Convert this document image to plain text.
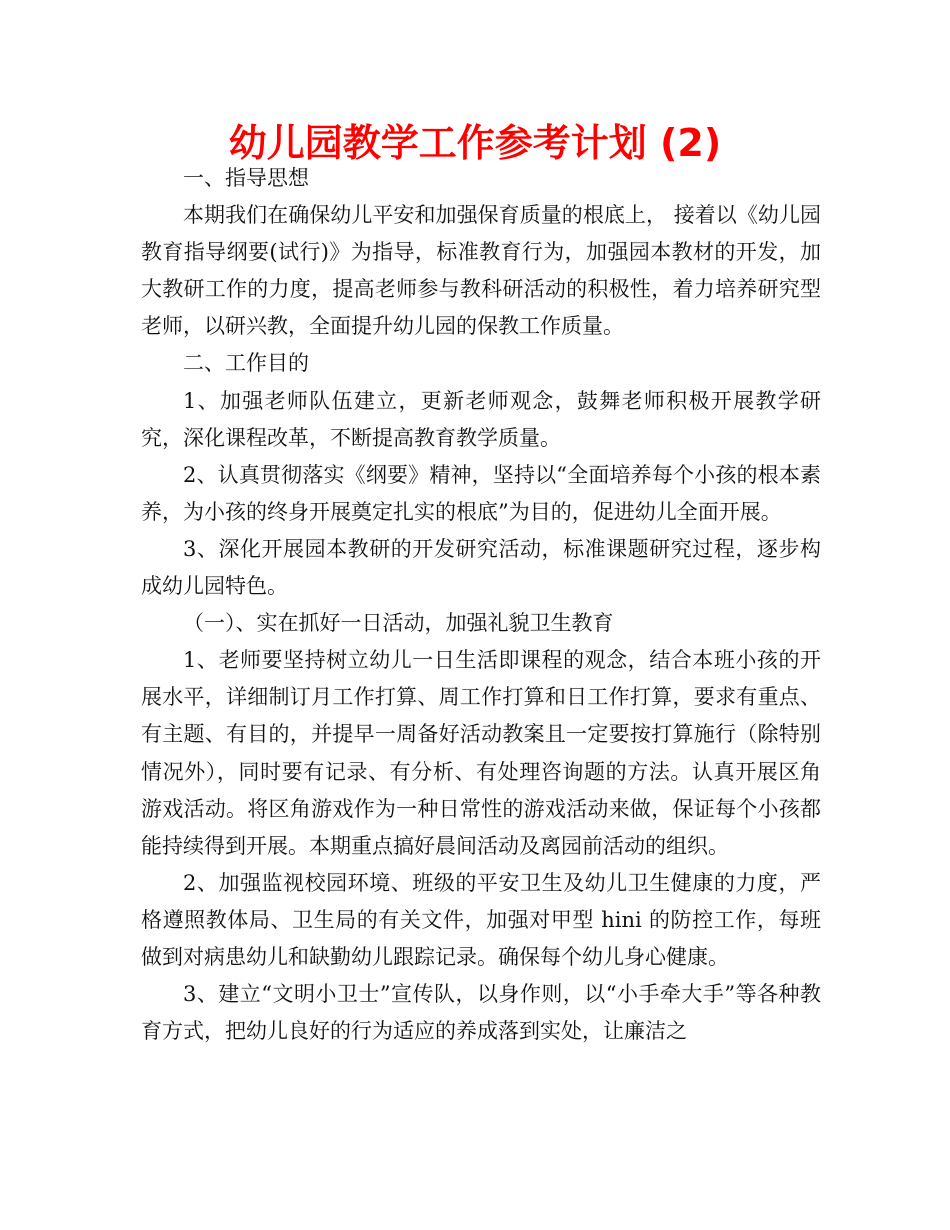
幼儿园教学工作参考计划 (2)

一、指导思想

本期我们在确保幼儿平安和加强保育质量的根底上， 接着以《幼儿园教育指导纲要(试行)》为指导，标准教育行为，加强园本教材的开发，加大教研工作的力度，提高老师参与教科研活动的积极性，着力培养研究型老师，以研兴教，全面提升幼儿园的保教工作质量。

二、工作目的

1、加强老师队伍建立，更新老师观念，鼓舞老师积极开展教学研究，深化课程改革，不断提高教育教学质量。

2、认真贯彻落实《纲要》精神，坚持以“全面培养每个小孩的根本素养，为小孩的终身开展奠定扎实的根底”为目的，促进幼儿全面开展。

3、深化开展园本教研的开发研究活动，标准课题研究过程，逐步构成幼儿园特色。

（一）、实在抓好一日活动，加强礼貌卫生教育

1、老师要坚持树立幼儿一日生活即课程的观念，结合本班小孩的开展水平，详细制订月工作打算、周工作打算和日工作打算，要求有重点、有主题、有目的，并提早一周备好活动教案且一定要按打算施行（除特别情况外），同时要有记录、有分析、有处理咨询题的方法。认真开展区角游戏活动。将区角游戏作为一种日常性的游戏活动来做，保证每个小孩都能持续得到开展。本期重点搞好晨间活动及离园前活动的组织。

2、加强监视校园环境、班级的平安卫生及幼儿卫生健康的力度，严格遵照教体局、卫生局的有关文件，加强对甲型 hini 的防控工作，每班做到对病患幼儿和缺勤幼儿跟踪记录。确保每个幼儿身心健康。

3、建立“文明小卫士”宣传队，以身作则，以“小手牵大手”等各种教育方式，把幼儿良好的行为适应的养成落到实处，让廉洁之
